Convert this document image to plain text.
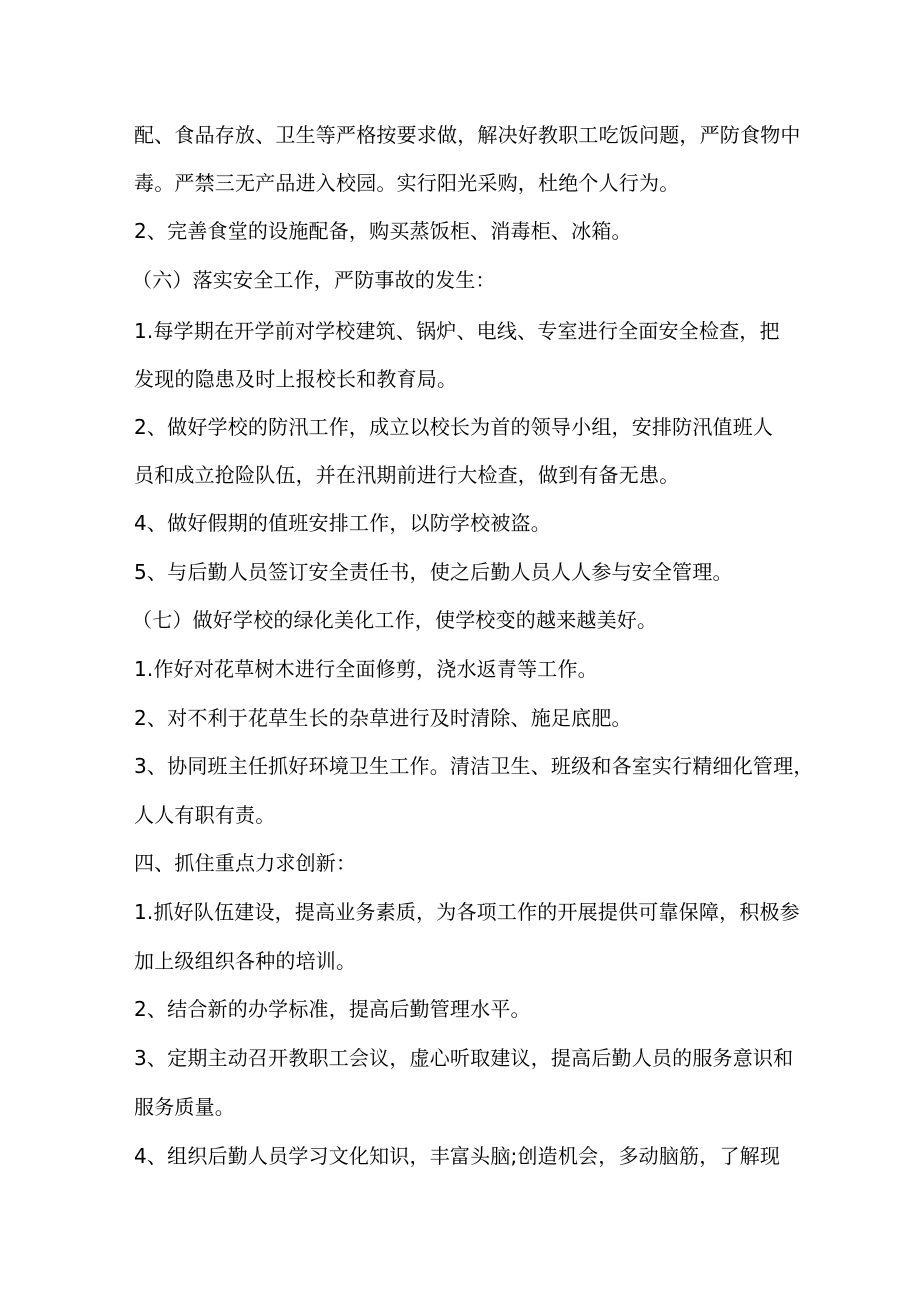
配、食品存放、卫生等严格按要求做，解决好教职工吃饭问题，严防食物中
毒。严禁三无产品进入校园。实行阳光采购，杜绝个人行为。
2、完善食堂的设施配备，购买蒸饭柜、消毒柜、冰箱。
（六）落实安全工作，严防事故的发生：
1.每学期在开学前对学校建筑、锅炉、电线、专室进行全面安全检查，把
发现的隐患及时上报校长和教育局。
2、做好学校的防汛工作，成立以校长为首的领导小组，安排防汛值班人
员和成立抢险队伍，并在汛期前进行大检查，做到有备无患。
4、做好假期的值班安排工作，以防学校被盗。
5、与后勤人员签订安全责任书，使之后勤人员人人参与安全管理。
（七）做好学校的绿化美化工作，使学校变的越来越美好。
1.作好对花草树木进行全面修剪，浇水返青等工作。
2、对不利于花草生长的杂草进行及时清除、施足底肥。
3、协同班主任抓好环境卫生工作。清洁卫生、班级和各室实行精细化管理，
人人有职有责。
四、抓住重点力求创新：
1.抓好队伍建设，提高业务素质，为各项工作的开展提供可靠保障，积极参
加上级组织各种的培训。
2、结合新的办学标准，提高后勤管理水平。
3、定期主动召开教职工会议，虚心听取建议，提高后勤人员的服务意识和
服务质量。
4、组织后勤人员学习文化知识，丰富头脑;创造机会，多动脑筋，了解现
